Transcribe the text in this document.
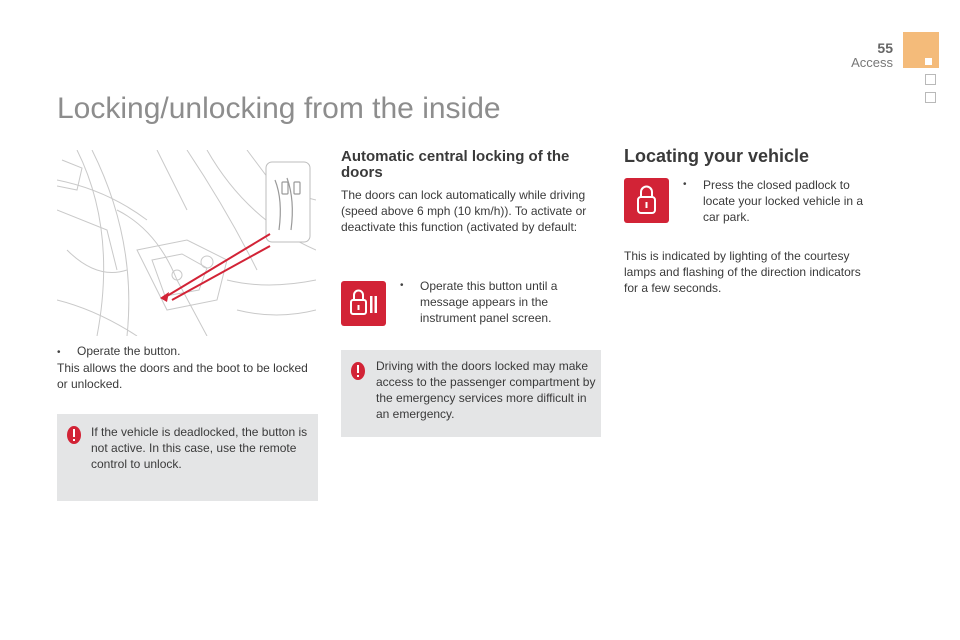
55
Access
Locking/unlocking from the inside
• Operate the button.
This allows the doors and the boot to be locked or unlocked.
If the vehicle is deadlocked, the button is not active. In this case, use the remote control to unlock.
Automatic central locking of the doors
The doors can lock automatically while driving (speed above 6 mph (10 km/h)). To activate or deactivate this function (activated by default:
•	Operate this button until a message appears in the instrument panel screen.
Driving with the doors locked may make access to the passenger compartment by the emergency services more difficult in an emergency.
Locating your vehicle
•	Press the closed padlock to locate your locked vehicle in a car park.
This is indicated by lighting of the courtesy lamps and flashing of the direction indicators for a few seconds.
